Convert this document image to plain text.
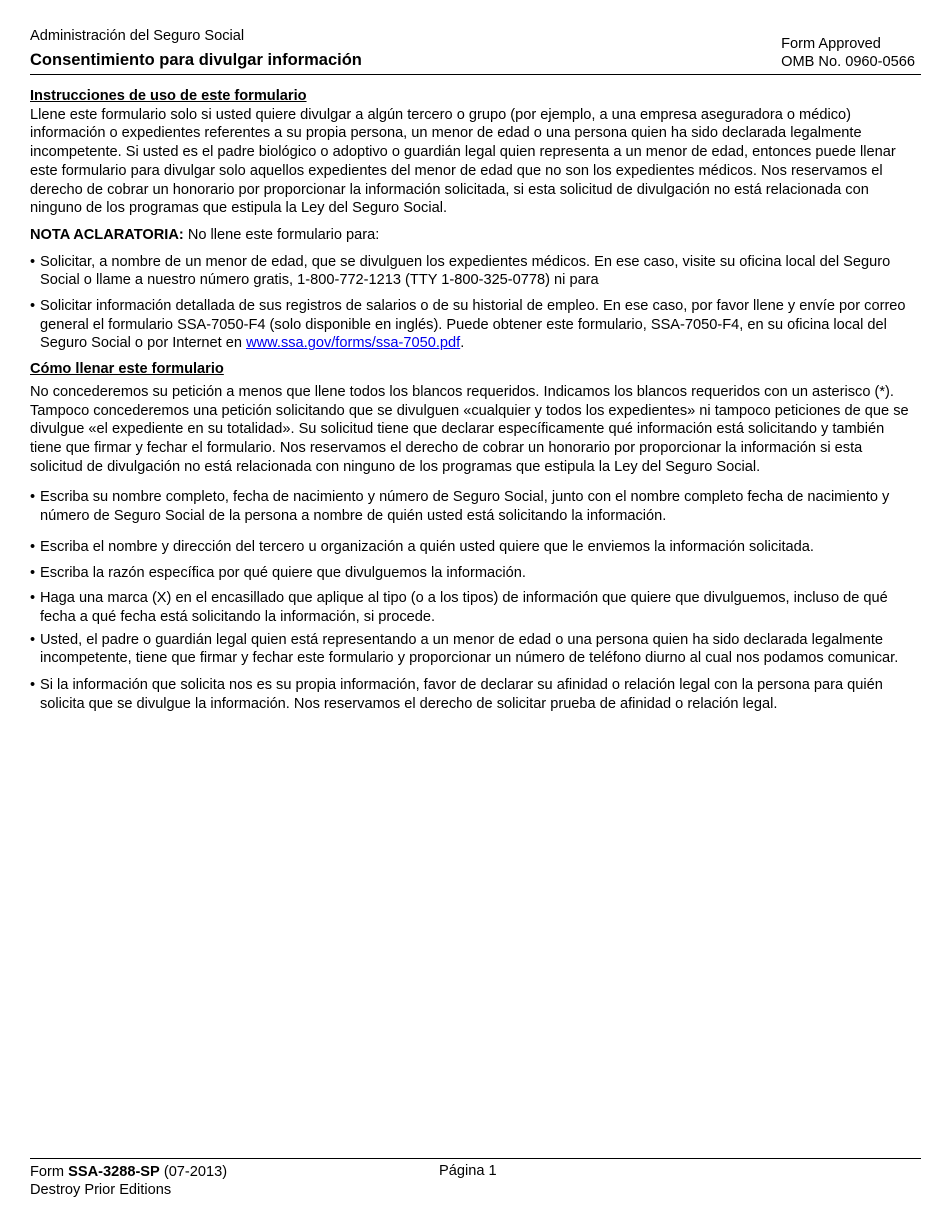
Administración del Seguro Social
Consentimiento para divulgar información
Form Approved
OMB No. 0960-0566
Instrucciones de uso de este formulario

Llene este formulario solo si usted quiere divulgar a algún tercero o grupo (por ejemplo, a una empresa aseguradora o médico) información o expedientes referentes a su propia persona, un menor de edad o una persona quien ha sido declarada legalmente incompetente. Si usted es el padre biológico o adoptivo o guardián legal quien representa a un menor de edad, entonces puede llenar este formulario para divulgar solo aquellos expedientes del menor de edad que no son los expedientes médicos. Nos reservamos el derecho de cobrar un honorario por proporcionar la información solicitada, si esta solicitud de divulgación no está relacionada con ninguno de los programas que estipula la Ley del Seguro Social.

NOTA ACLARATORIA: No llene este formulario para:

• Solicitar, a nombre de un menor de edad, que se divulguen los expedientes médicos. En ese caso, visite su oficina local del Seguro Social o llame a nuestro número gratis, 1-800-772-1213 (TTY 1-800-325-0778) ni para
• Solicitar información detallada de sus registros de salarios o de su historial de empleo. En ese caso, por favor llene y envíe por correo general el formulario SSA-7050-F4 (solo disponible en inglés). Puede obtener este formulario, SSA-7050-F4, en su oficina local del Seguro Social o por Internet en www.ssa.gov/forms/ssa-7050.pdf.
Cómo llenar este formulario

No concederemos su petición a menos que llene todos los blancos requeridos. Indicamos los blancos requeridos con un asterisco (*). Tampoco concederemos una petición solicitando que se divulguen «cualquier y todos los expedientes» ni tampoco peticiones de que se divulgue «el expediente en su totalidad». Su solicitud tiene que declarar específicamente qué información está solicitando y también tiene que firmar y fechar el formulario. Nos reservamos el derecho de cobrar un honorario por proporcionar la información si esta solicitud de divulgación no está relacionada con ninguno de los programas que estipula la Ley del Seguro Social.

• Escriba su nombre completo, fecha de nacimiento y número de Seguro Social, junto con el nombre completo fecha de nacimiento y número de Seguro Social de la persona a nombre de quién usted está solicitando la información.
• Escriba el nombre y dirección del tercero u organización a quién usted quiere que le enviemos la información solicitada.
• Escriba la razón específica por qué quiere que divulguemos la información.
• Haga una marca (X) en el encasillado que aplique al tipo (o a los tipos) de información que quiere que divulguemos, incluso de qué fecha a qué fecha está solicitando la información, si procede.
• Usted, el padre o guardián legal quien está representando a un menor de edad o una persona quien ha sido declarada legalmente incompetente, tiene que firmar y fechar este formulario y proporcionar un número de teléfono diurno al cual nos podamos comunicar.
• Si la información que solicita nos es su propia información, favor de declarar su afinidad o relación legal con la persona para quién solicita que se divulgue la información. Nos reservamos el derecho de solicitar prueba de afinidad o relación legal.
Form SSA-3288-SP (07-2013)
Destroy Prior Editions
Página 1
